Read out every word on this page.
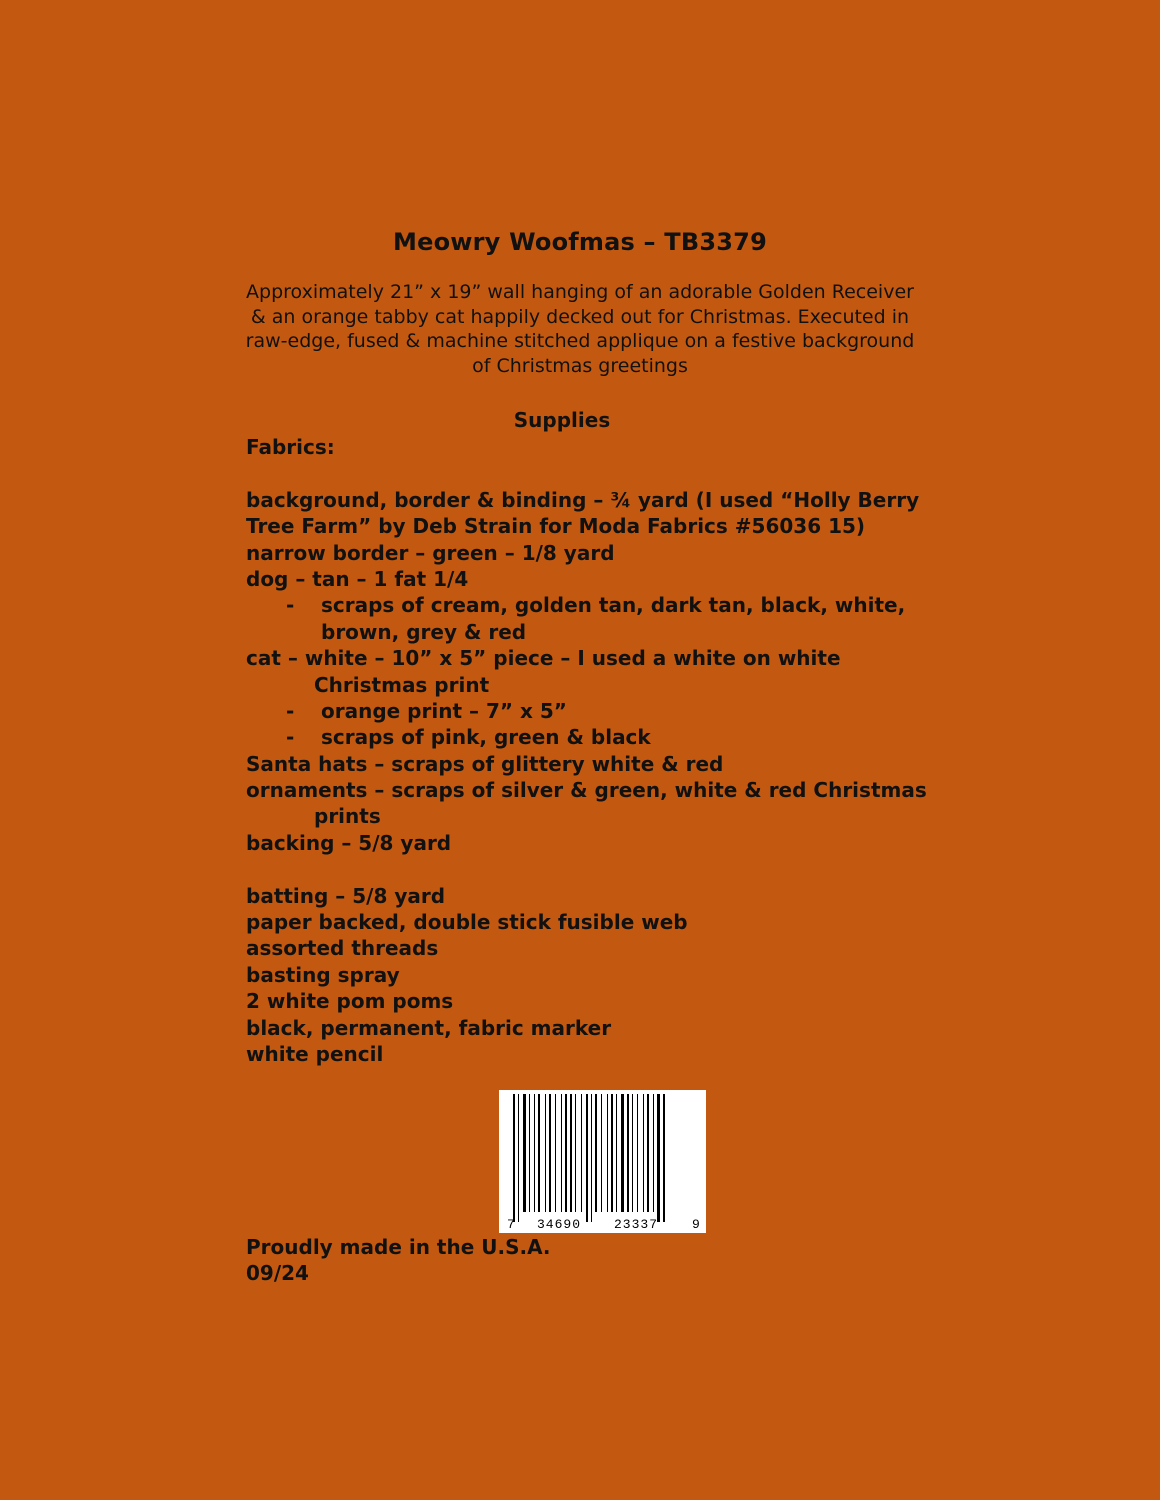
Meowry Woofmas – TB3379

Approximately 21” x 19” wall hanging of an adorable Golden Receiver
& an orange tabby cat happily decked out for Christmas. Executed in
raw-edge, fused & machine stitched applique on a festive background
of Christmas greetings

Supplies
Fabrics:
background, border & binding – ¾ yard (I used “Holly Berry
Tree Farm” by Deb Strain for Moda Fabrics #56036 15)
narrow border – green – 1/8 yard
dog – tan – 1 fat 1/4
- scraps of cream, golden tan, dark tan, black, white,
brown, grey & red
cat – white – 10” x 5” piece – I used a white on white
Christmas print
- orange print – 7” x 5”
- scraps of pink, green & black
Santa hats – scraps of glittery white & red
ornaments – scraps of silver & green, white & red Christmas
prints
backing – 5/8 yard
batting – 5/8 yard
paper backed, double stick fusible web
assorted threads
basting spray
2 white pom poms
black, permanent, fabric marker
white pencil
7 34690	23337	9
Proudly made in the U.S.A.
09/24
